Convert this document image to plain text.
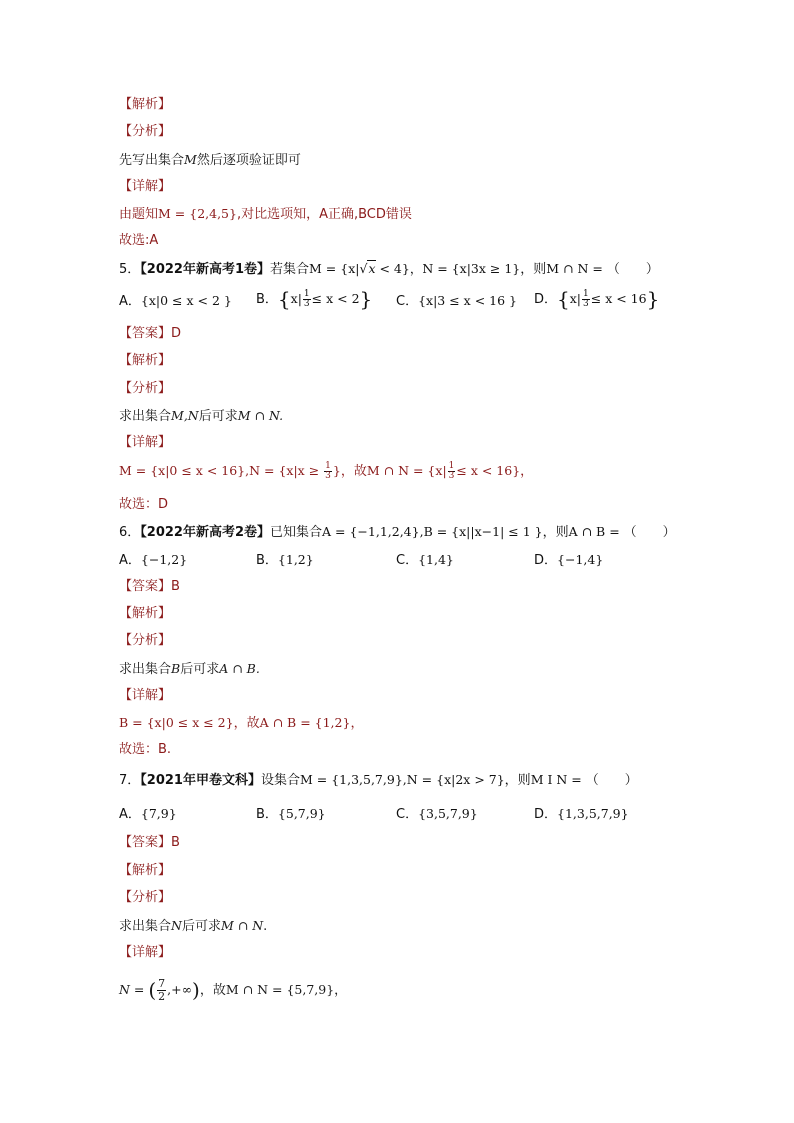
【解析】
【分析】
先写出集合M然后逐项验证即可
【详解】
由题知M = {2,4,5},对比选项知，A正确,BCD错误
故选:A
5．【2022年新高考1卷】若集合M = {x|√x < 4}，N = {x|3x ≥ 1}，则M ∩ N = （　　）
A．{x|0 ≤ x < 2 } B．$\{x| \frac{1}{3} \le x < 2\}$ C．{x|3 ≤ x < 16 } D．$\{x| \frac{1}{3} \le x < 16\}$
【答案】D
【解析】
【分析】
求出集合M,N后可求M ∩ N.
【详解】
$M = \{x|0 \le x < 16\},N = \{x|x \ge \frac{1}{3}$ }，故M ∩ $N = \{x| \frac{1}{3} \le x < 16\}$，
故选：D
6．【2022年新高考2卷】已知集合A = {−1,1,2,4},B = {x||x−1| ≤ 1 }，则A ∩ B = （　　）
A．{−1,2}	B．{1,2}	C．{1,4}	D．{−1,4}
【答案】B
【解析】
【分析】
求出集合B后可求A ∩ B.
【详解】
B = {x|0 ≤ x ≤ 2}，故A ∩ B = {1,2}，
故选：B.
7．【2021年甲卷文科】设集合M = {1,3,5,7,9},N = {x|2x > 7}，则M I N = （　　）
A．{7,9}	B．{5,7,9}	C．{3,5,7,9}	D．{1,3,5,7,9}
【答案】B
【解析】
【分析】
求出集合N后可求M ∩ N.
【详解】
N = ( $\frac{7}{2}$ ,+∞)，故M ∩ N = {5,7,9}，
